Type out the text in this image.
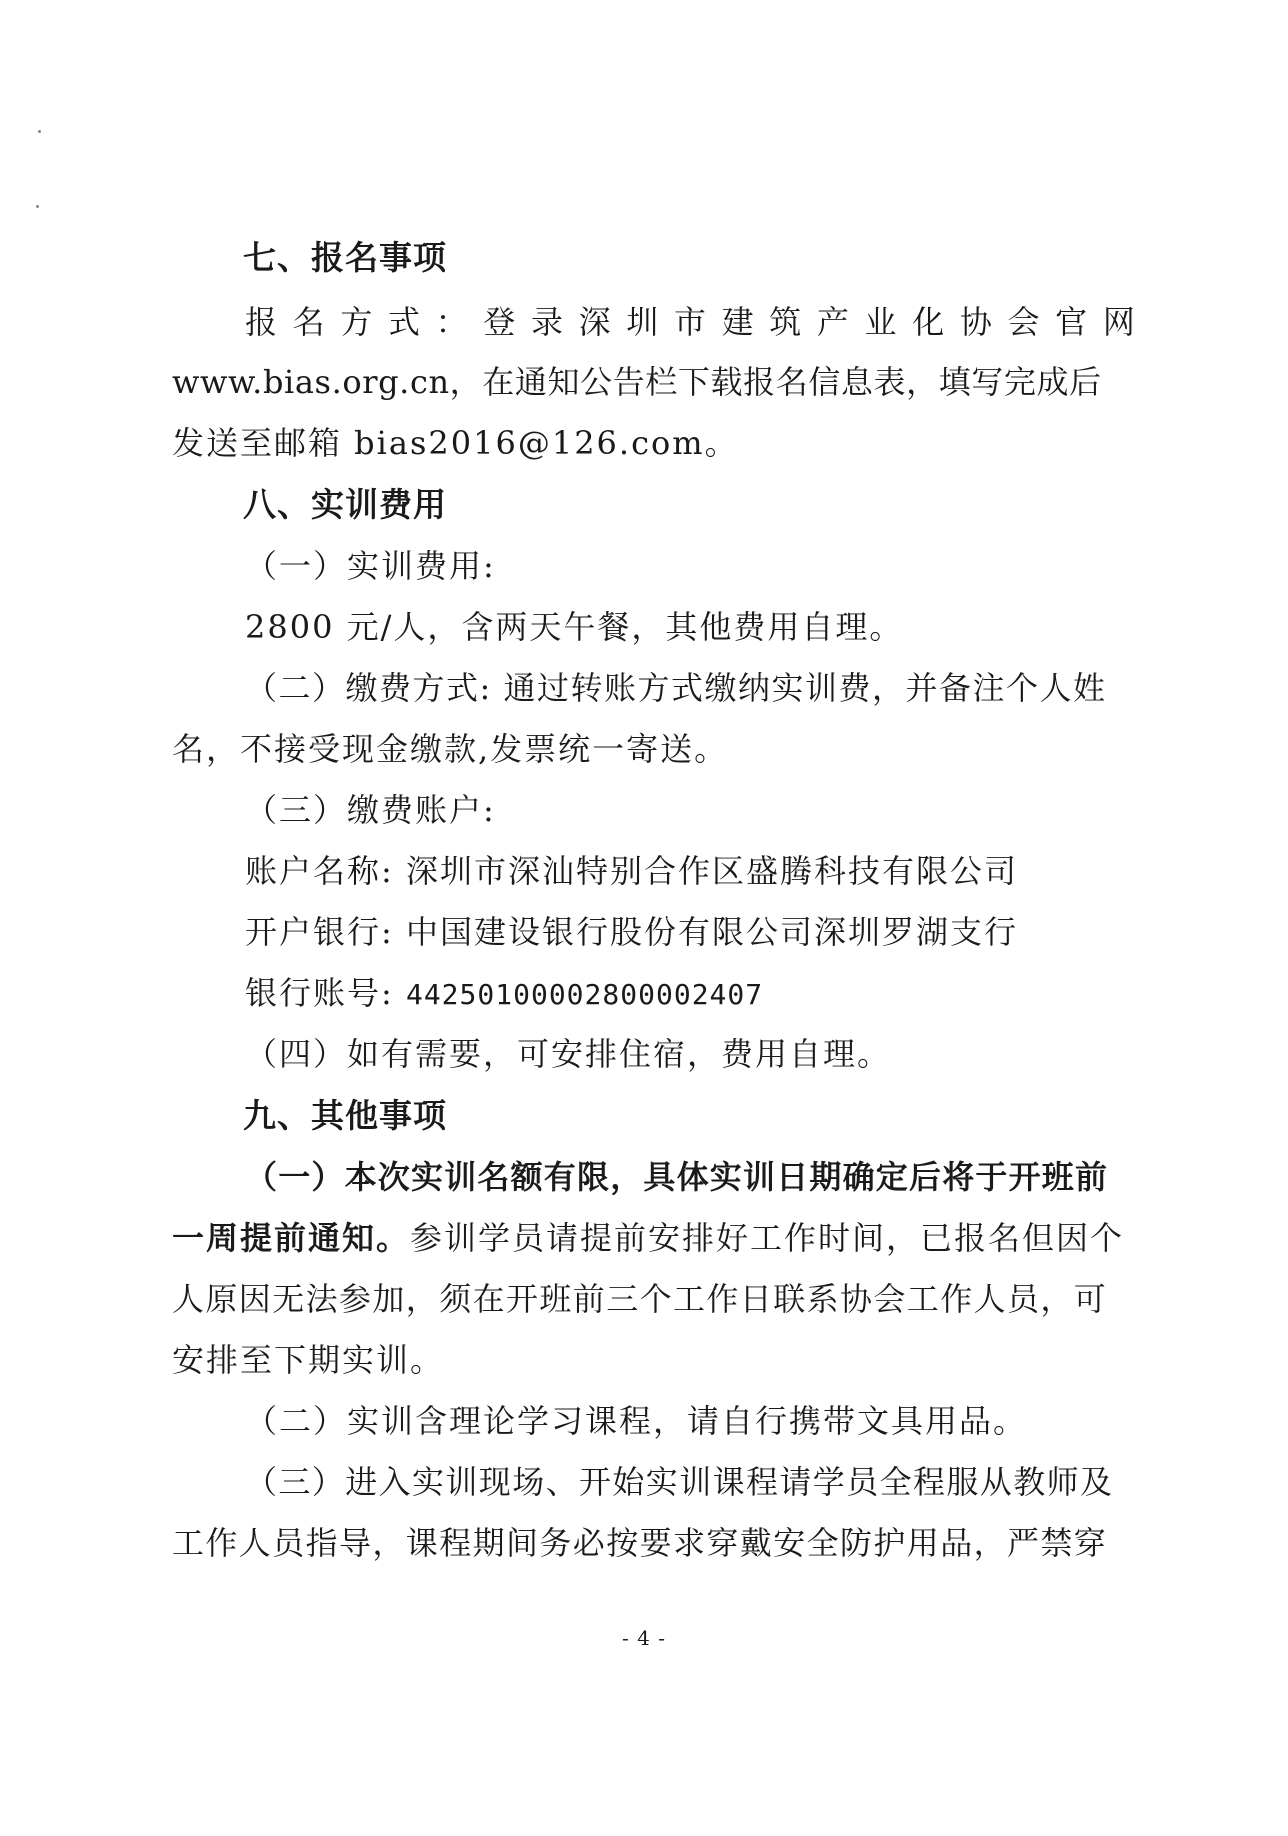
七、报名事项
报 名 方 式 ： 登 录 深 圳 市 建 筑 产 业 化 协 会 官 网
www.bias.org.cn，在通知公告栏下载报名信息表，填写完成后
发送至邮箱 bias2016@126.com。
八、实训费用
（一）实训费用:
2800 元/人，含两天午餐，其他费用自理。
（二）缴费方式: 通过转账方式缴纳实训费，并备注个人姓
名，不接受现金缴款,发票统一寄送。
（三）缴费账户:
账户名称: 深圳市深汕特别合作区盛腾科技有限公司
开户银行: 中国建设银行股份有限公司深圳罗湖支行
银行账号: 44250100002800002407
（四）如有需要，可安排住宿，费用自理。
九、其他事项
（一）本次实训名额有限，具体实训日期确定后将于开班前
一周提前通知。参训学员请提前安排好工作时间，已报名但因个
人原因无法参加，须在开班前三个工作日联系协会工作人员，可
安排至下期实训。
（二）实训含理论学习课程，请自行携带文具用品。
（三）进入实训现场、开始实训课程请学员全程服从教师及
工作人员指导，课程期间务必按要求穿戴安全防护用品，严禁穿
- 4 -
